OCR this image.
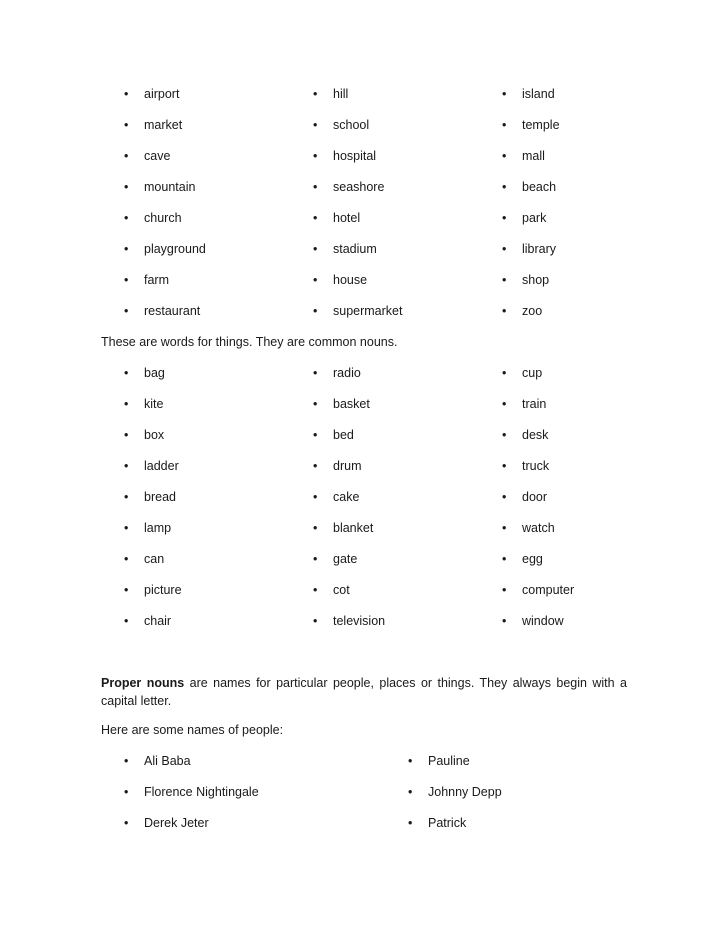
• airport	• hill	• island
• market	• school	• temple
• cave	• hospital	• mall
• mountain	• seashore	• beach
• church	• hotel	• park
• playground	• stadium	• library
• farm	• house	• shop
• restaurant	• supermarket	• zoo
These are words for things. They are common nouns.
• bag	• radio	• cup
• kite	• basket	• train
• box	• bed	• desk
• ladder	• drum	• truck
• bread	• cake	• door
• lamp	• blanket	• watch
• can	• gate	• egg
• picture	• cot	• computer
• chair	• television	• window
Proper nouns are names for particular people, places or things. They always begin with a capital letter.
Here are some names of people:
• Ali Baba	• Pauline
• Florence Nightingale	• Johnny Depp
• Derek Jeter	• Patrick
